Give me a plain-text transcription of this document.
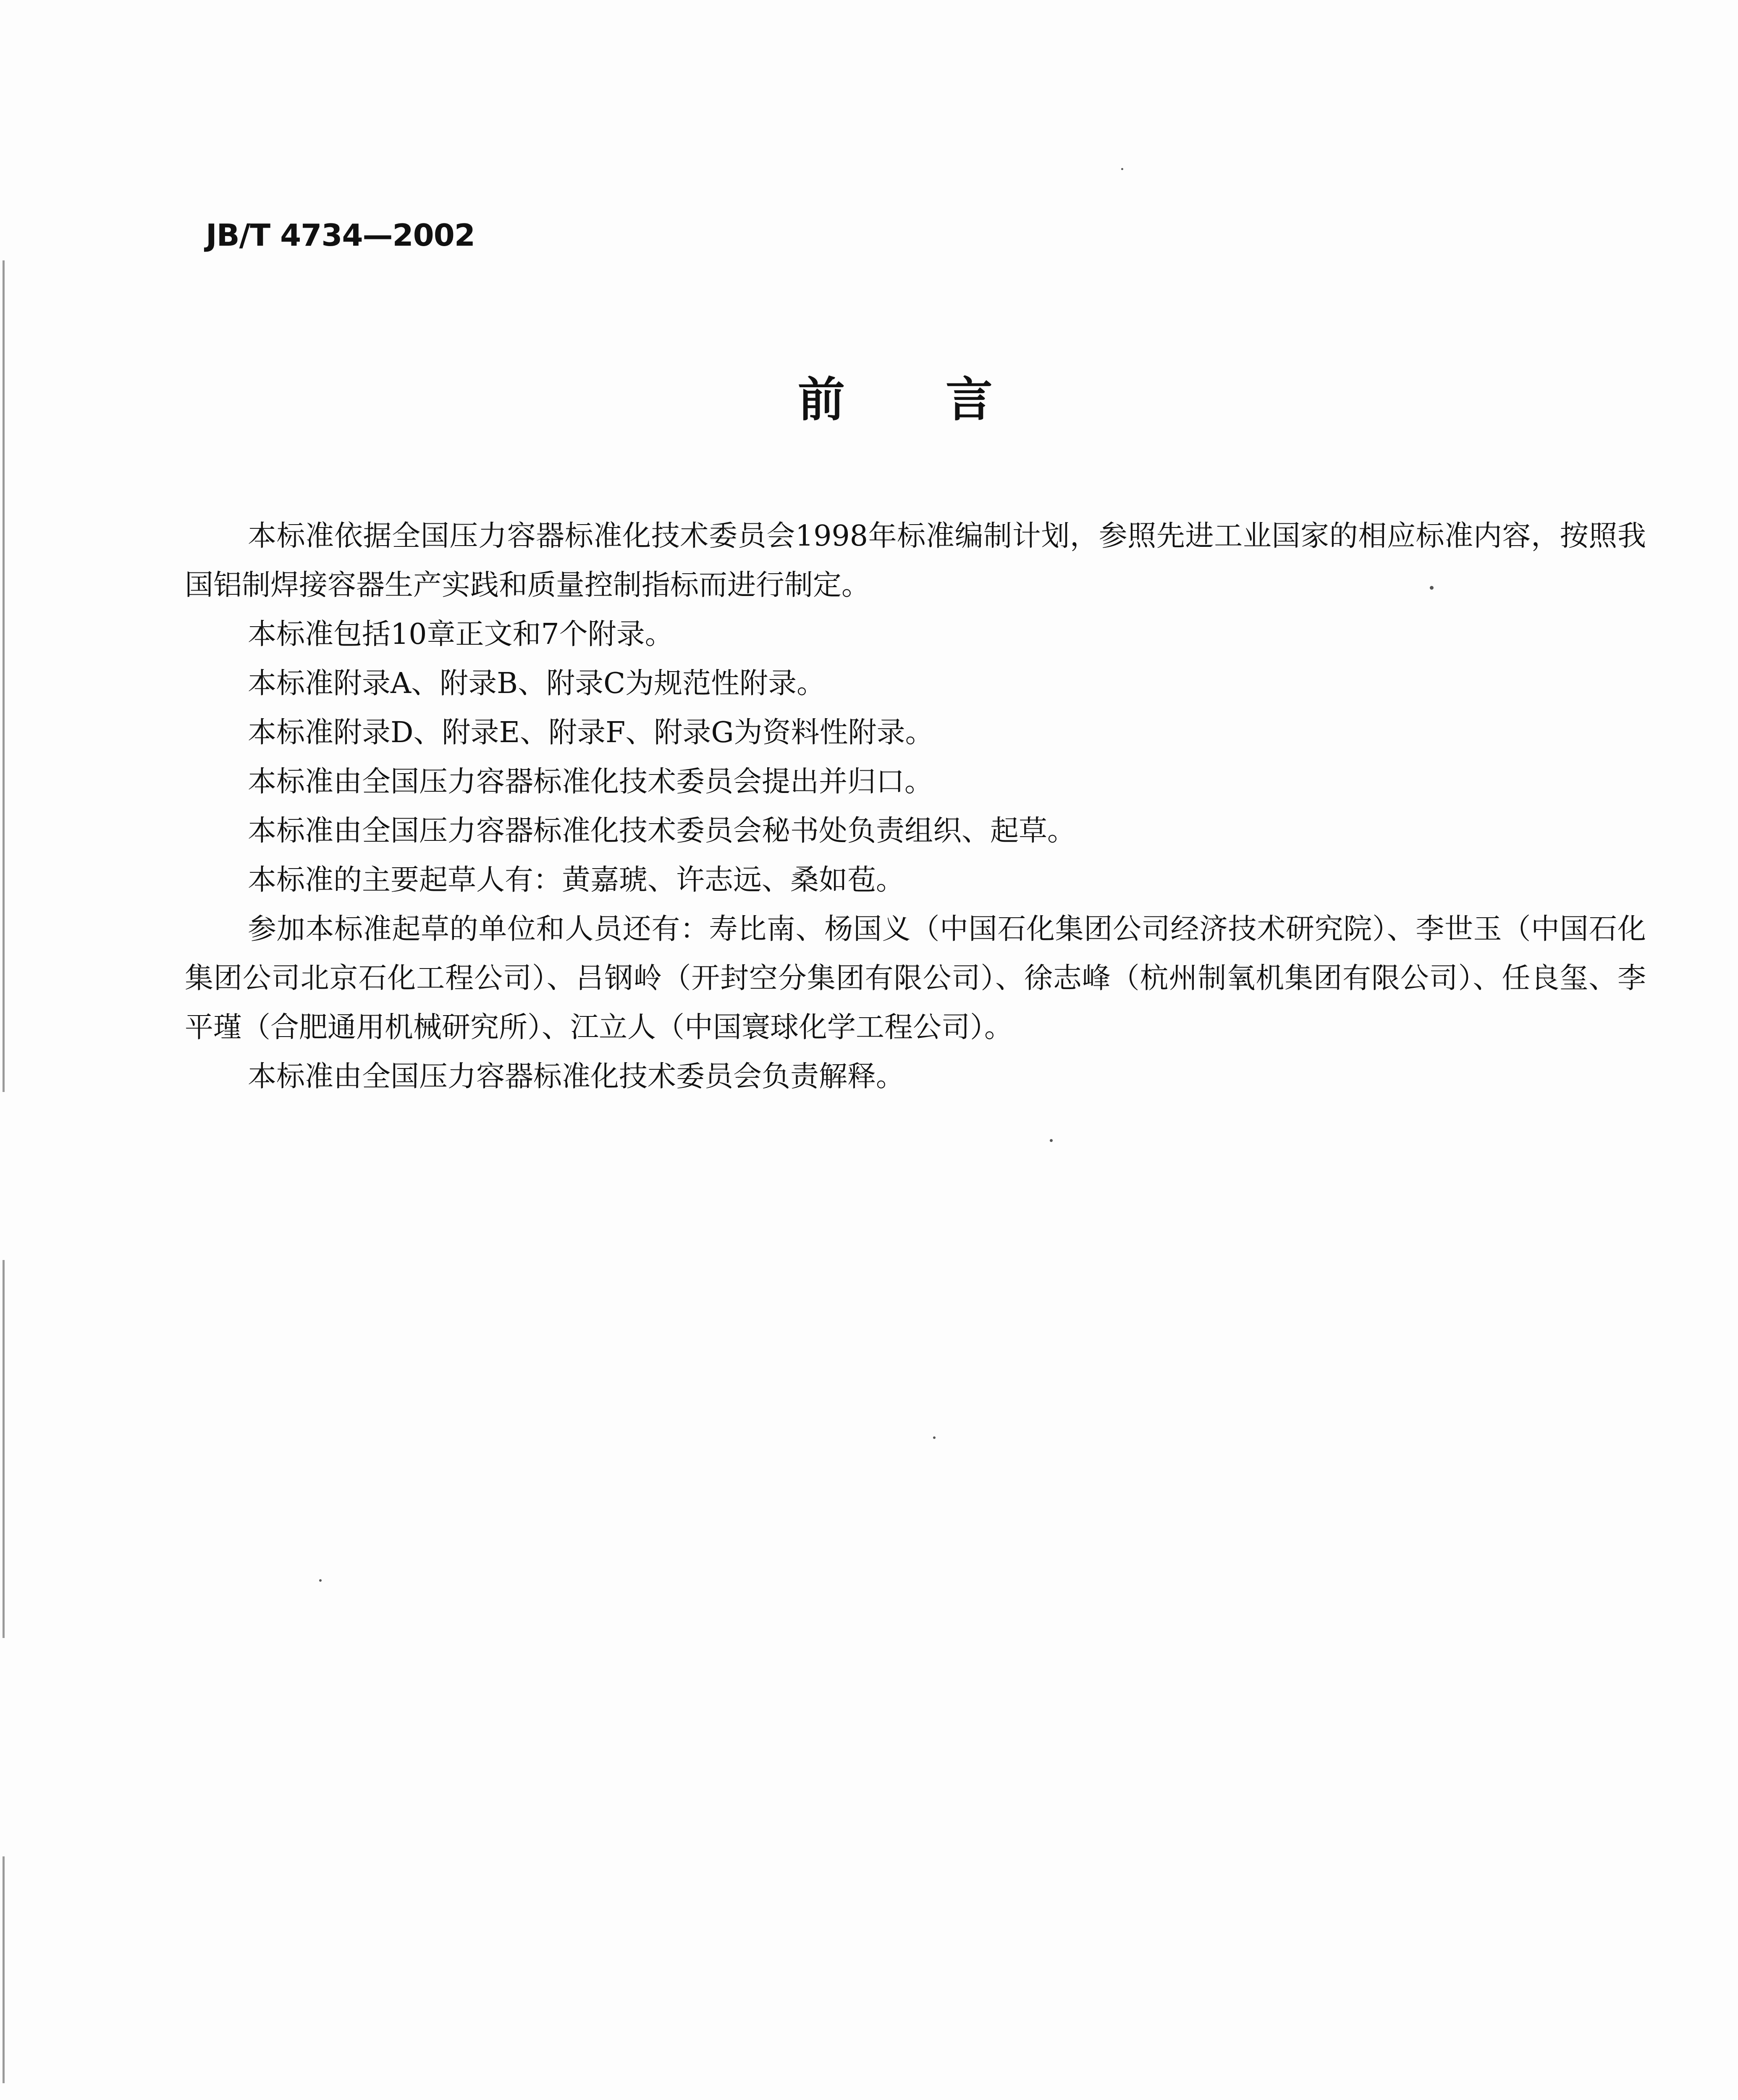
JB/T 4734—2002
前言

本标准依据全国压力容器标准化技术委员会1998年标准编制计划，参照先进工业国家的相应标准内容，按照我国铝制焊接容器生产实践和质量控制指标而进行制定。

本标准包括10章正文和7个附录。

本标准附录A、附录B、附录C为规范性附录。

本标准附录D、附录E、附录F、附录G为资料性附录。

本标准由全国压力容器标准化技术委员会提出并归口。

本标准由全国压力容器标准化技术委员会秘书处负责组织、起草。

本标准的主要起草人有：黄嘉琥、许志远、桑如苞。

参加本标准起草的单位和人员还有：寿比南、杨国义（中国石化集团公司经济技术研究院）、李世玉（中国石化集团公司北京石化工程公司）、吕钢岭（开封空分集团有限公司）、徐志峰（杭州制氧机集团有限公司）、任良玺、李平瑾（合肥通用机械研究所）、江立人（中国寰球化学工程公司）。

本标准由全国压力容器标准化技术委员会负责解释。
